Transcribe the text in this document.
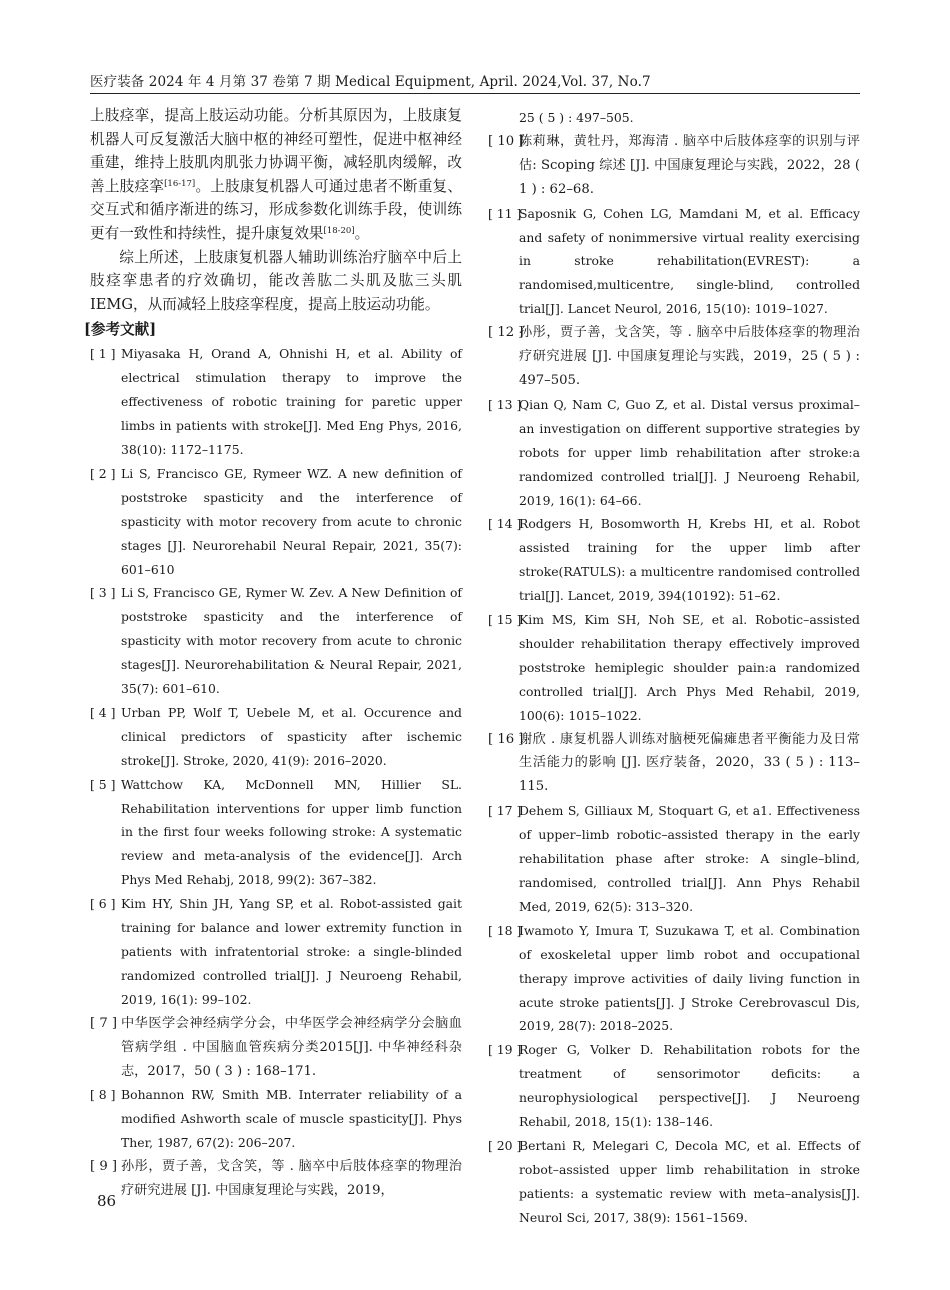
医疗装备 2024 年 4 月第 37 卷第 7 期 Medical Equipment, April. 2024,Vol. 37, No.7

上肢痉挛，提高上肢运动功能。分析其原因为，上肢康复机器人可反复激活大脑中枢的神经可塑性，促进中枢神经重建，维持上肢肌肉肌张力协调平衡，减轻肌肉缓解，改善上肢痉挛[16-17]。上肢康复机器人可通过患者不断重复、交互式和循序渐进的练习，形成参数化训练手段，使训练更有一致性和持续性，提升康复效果[18-20]。

综上所述，上肢康复机器人辅助训练治疗脑卒中后上肢痉挛患者的疗效确切，能改善肱二头肌及肱三头肌 IEMG，从而减轻上肢痉挛程度，提高上肢运动功能。

[参考文献]
[ 1 ] Miyasaka H, Orand A, Ohnishi H, et al. Ability of electrical stimulation therapy to improve the effectiveness of robotic training for paretic upper limbs in patients with stroke[J]. Med Eng Phys, 2016, 38(10): 1172–1175.
[ 2 ] Li S, Francisco GE, Rymeer WZ. A new definition of poststroke spasticity and the interference of spasticity with motor recovery from acute to chronic stages [J]. Neurorehabil Neural Repair, 2021, 35(7): 601–610
[ 3 ] Li S, Francisco GE, Rymer W. Zev. A New Definition of poststroke spasticity and the interference of spasticity with motor recovery from acute to chronic stages[J]. Neurorehabilitation & Neural Repair, 2021, 35(7): 601–610.
[ 4 ] Urban PP, Wolf T, Uebele M, et al. Occurence and clinical predictors of spasticity after ischemic stroke[J]. Stroke, 2020, 41(9): 2016–2020.
[ 5 ] Wattchow KA, McDonnell MN, Hillier SL. Rehabilitation interventions for upper limb function in the first four weeks following stroke: A systematic review and meta-analysis of the evidence[J]. Arch Phys Med Rehabj, 2018, 99(2): 367–382.
[ 6 ] Kim HY, Shin JH, Yang SP, et al. Robot-assisted gait training for balance and lower extremity function in patients with infratentorial stroke: a single-blinded randomized controlled trial[J]. J Neuroeng Rehabil, 2019, 16(1): 99–102.
[ 7 ] 中华医学会神经病学分会，中华医学会神经病学分会脑血管病学组 . 中国脑血管疾病分类2015[J]. 中华神经科杂志，2017，50 ( 3 ) : 168–171.
[ 8 ] Bohannon RW, Smith MB. Interrater reliability of a modified Ashworth scale of muscle spasticity[J]. Phys Ther, 1987, 67(2): 206–207.
[ 9 ] 孙彤，贾子善，戈含笑，等 . 脑卒中后肢体痉挛的物理治疗研究进展 [J]. 中国康复理论与实践，2019，
25 ( 5 ) : 497–505.
[ 10 ]
陈莉琳，黄牡丹，郑海清 . 脑卒中后肢体痉挛的识别与评估: Scoping 综述 [J]. 中国康复理论与实践，2022，28 ( 1 ) : 62–68.
[ 11 ]
Saposnik G, Cohen LG, Mamdani M, et al. Efficacy and safety of nonimmersive virtual reality exercising in stroke rehabilitation(EVREST): a randomised,multicentre, single-blind, controlled trial[J]. Lancet Neurol, 2016, 15(10): 1019–1027.
[ 12 ]
孙彤，贾子善，戈含笑，等 . 脑卒中后肢体痉挛的物理治疗研究进展 [J]. 中国康复理论与实践，2019，25 ( 5 ) : 497–505.
[ 13 ]
Qian Q, Nam C, Guo Z, et al. Distal versus proximal–an investigation on different supportive strategies by robots for upper limb rehabilitation after stroke:a randomized controlled trial[J]. J Neuroeng Rehabil, 2019, 16(1): 64–66.
[ 14 ]
Rodgers H, Bosomworth H, Krebs HI, et al. Robot assisted training for the upper limb after stroke(RATULS): a multicentre randomised controlled trial[J]. Lancet, 2019, 394(10192): 51–62.
[ 15 ]
Kim MS, Kim SH, Noh SE, et al. Robotic–assisted shoulder rehabilitation therapy effectively improved poststroke hemiplegic shoulder pain:a randomized controlled trial[J]. Arch Phys Med Rehabil, 2019, 100(6): 1015–1022.
[ 16 ]
谢欣 . 康复机器人训练对脑梗死偏瘫患者平衡能力及日常生活能力的影响 [J]. 医疗装备，2020，33 ( 5 ) : 113–115.
[ 17 ]
Dehem S, Gilliaux M, Stoquart G, et a1. Effectiveness of upper–limb robotic–assisted therapy in the early rehabilitation phase after stroke: A single–blind, randomised, controlled trial[J]. Ann Phys Rehabil Med, 2019, 62(5): 313–320.
[ 18 ]
Iwamoto Y, Imura T, Suzukawa T, et al. Combination of exoskeletal upper limb robot and occupational therapy improve activities of daily living function in acute stroke patients[J]. J Stroke Cerebrovascul Dis, 2019, 28(7): 2018–2025.
[ 19 ]
Roger G, Volker D. Rehabilitation robots for the treatment of sensorimotor deficits: a neurophysiological perspective[J]. J Neuroeng Rehabil, 2018, 15(1): 138–146.
[ 20 ]
Bertani R, Melegari C, Decola MC, et al. Effects of robot–assisted upper limb rehabilitation in stroke patients: a systematic review with meta–analysis[J]. Neurol Sci, 2017, 38(9): 1561–1569.
86
